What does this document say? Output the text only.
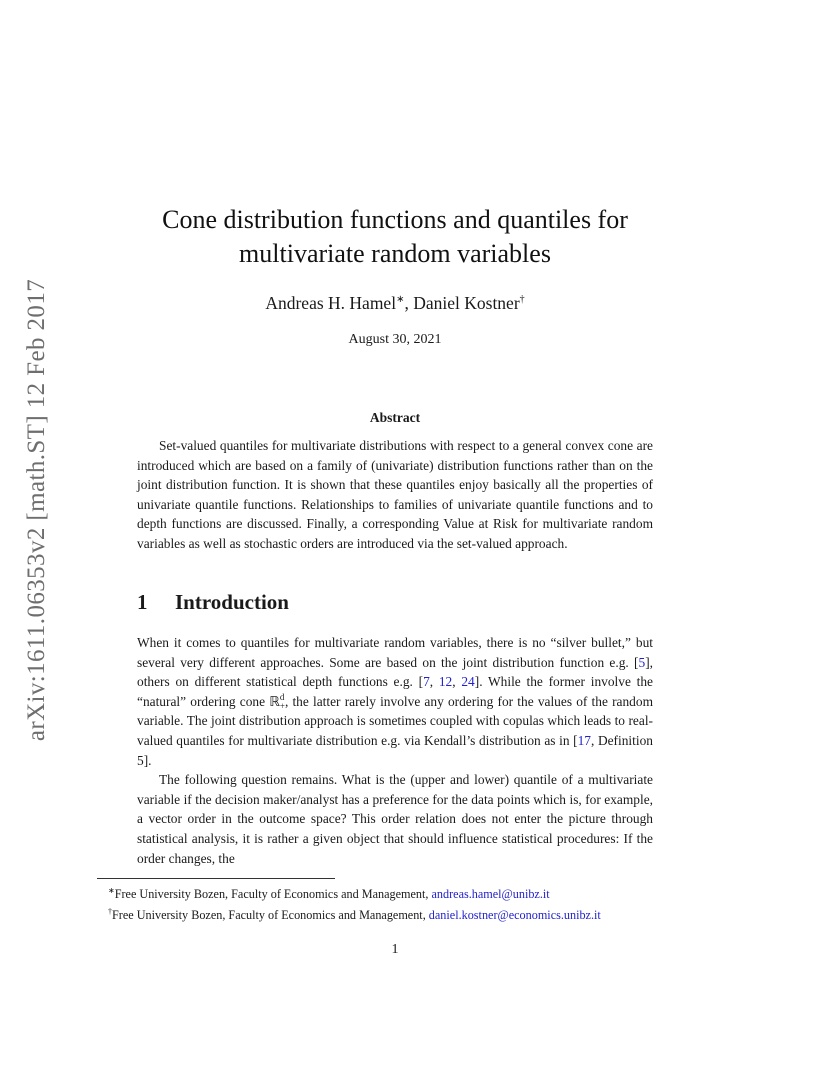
arXiv:1611.06353v2 [math.ST] 12 Feb 2017
Cone distribution functions and quantiles for
multivariate random variables
Andreas H. Hamel∗, Daniel Kostner†
August 30, 2021
Abstract
Set-valued quantiles for multivariate distributions with respect to a general convex cone are introduced which are based on a family of (univariate) distribution functions rather than on the joint distribution function. It is shown that these quantiles enjoy basically all the properties of univariate quantile functions. Relationships to families of univariate quantile functions and to depth functions are discussed. Finally, a corresponding Value at Risk for multivariate random variables as well as stochastic orders are introduced via the set-valued approach.
1 Introduction

When it comes to quantiles for multivariate random variables, there is no “silver bullet,” but several very different approaches. Some are based on the joint distribution function e.g. [5], others on different statistical depth functions e.g. [7, 12, 24]. While the former involve the “natural” ordering cone ℝd
+, the latter rarely involve any ordering for the values of the random variable. The joint distribution approach is sometimes coupled with copulas which leads to real-valued quantiles for multivariate distribution e.g. via Kendall’s distribution as in [17, Definition 5].

The following question remains. What is the (upper and lower) quantile of a multivariate variable if the decision maker/analyst has a preference for the data points which is, for example, a vector order in the outcome space? This order relation does not enter the picture through statistical analysis, it is rather a given object that should influence statistical procedures: If the order changes, the

∗Free University Bozen, Faculty of Economics and Management, andreas.hamel@unibz.it
†Free University Bozen, Faculty of Economics and Management, daniel.kostner@economics.unibz.it
1
